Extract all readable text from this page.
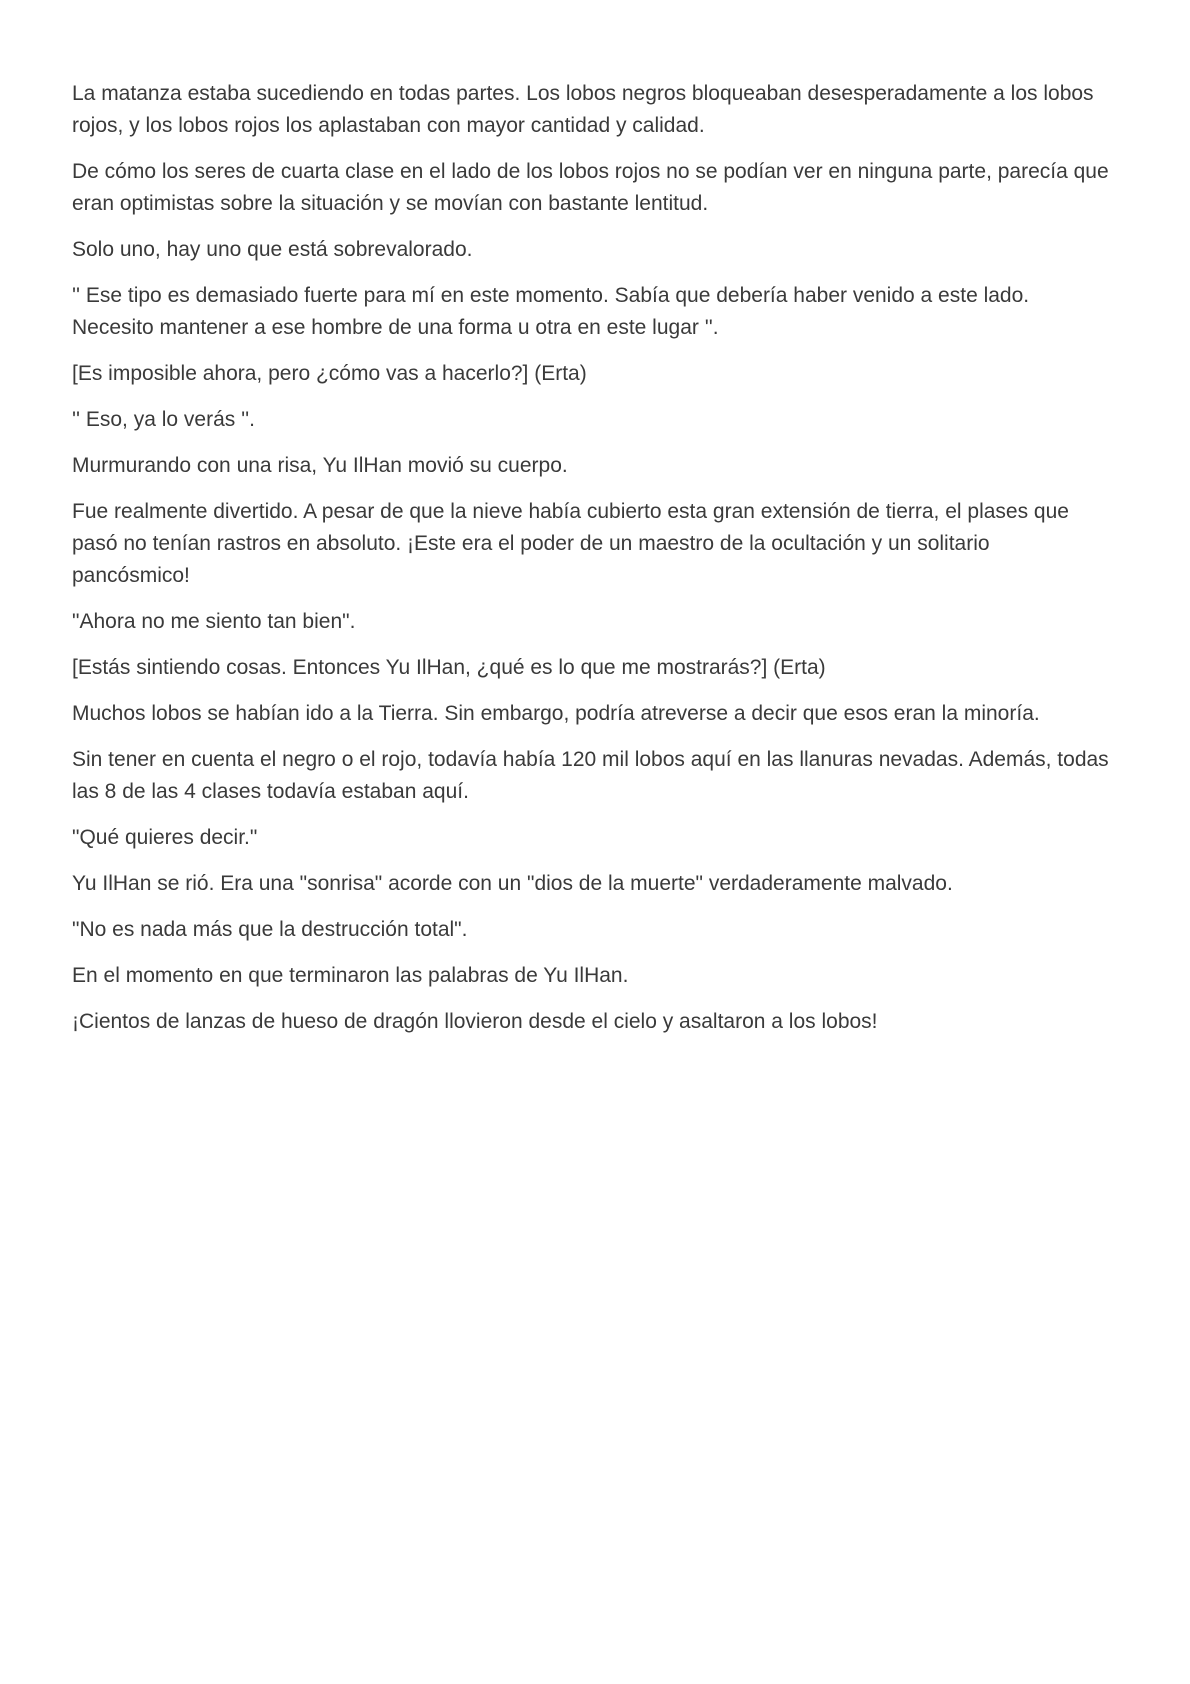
La matanza estaba sucediendo en todas partes. Los lobos negros bloqueaban desesperadamente a los lobos rojos, y los lobos rojos los aplastaban con mayor cantidad y calidad.

De cómo los seres de cuarta clase en el lado de los lobos rojos no se podían ver en ninguna parte, parecía que eran optimistas sobre la situación y se movían con bastante lentitud.

Solo uno, hay uno que está sobrevalorado.

'' Ese tipo es demasiado fuerte para mí en este momento. Sabía que debería haber venido a este lado. Necesito mantener a ese hombre de una forma u otra en este lugar ''.

[Es imposible ahora, pero ¿cómo vas a hacerlo?] (Erta)

'' Eso, ya lo verás ''.

Murmurando con una risa, Yu IlHan movió su cuerpo.

Fue realmente divertido. A pesar de que la nieve había cubierto esta gran extensión de tierra, el plases que pasó no tenían rastros en absoluto. ¡Este era el poder de un maestro de la ocultación y un solitario pancósmico!

"Ahora no me siento tan bien".

[Estás sintiendo cosas. Entonces Yu IlHan, ¿qué es lo que me mostrarás?] (Erta)

Muchos lobos se habían ido a la Tierra. Sin embargo, podría atreverse a decir que esos eran la minoría.

Sin tener en cuenta el negro o el rojo, todavía había 120 mil lobos aquí en las llanuras nevadas. Además, todas las 8 de las 4 clases todavía estaban aquí.

"Qué quieres decir."

Yu IlHan se rió. Era una "sonrisa" acorde con un "dios de la muerte" verdaderamente malvado.

"No es nada más que la destrucción total".

En el momento en que terminaron las palabras de Yu IlHan.

¡Cientos de lanzas de hueso de dragón llovieron desde el cielo y asaltaron a los lobos!
